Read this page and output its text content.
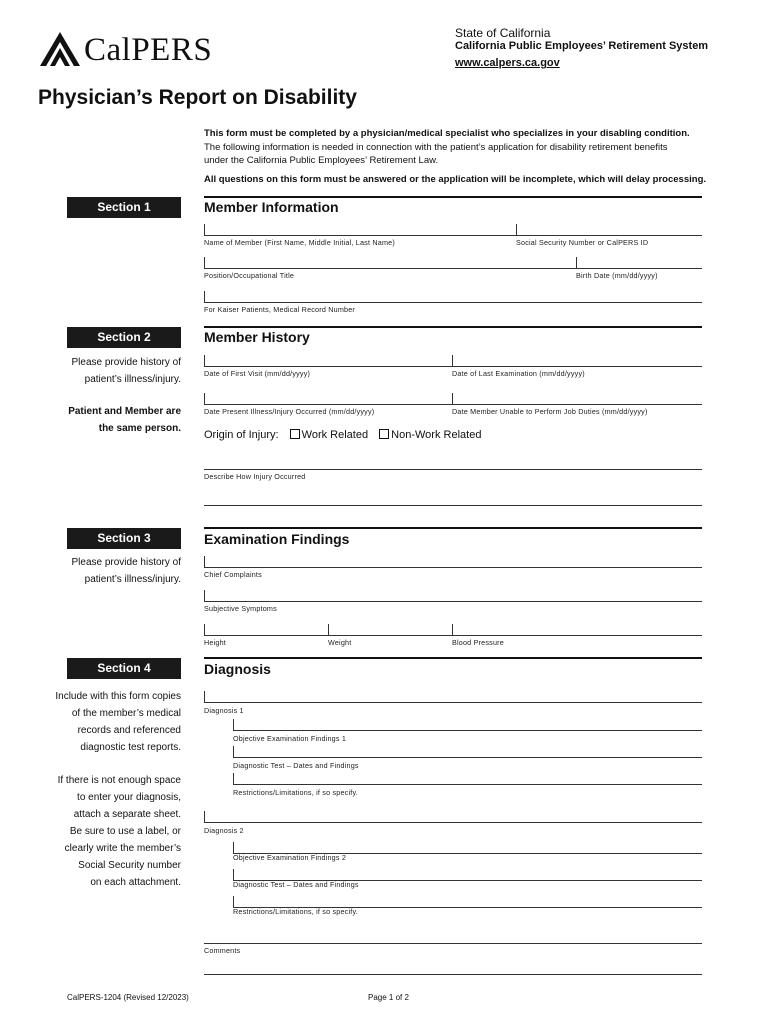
CalPERS	State of California
California Public Employees’ Retirement System
www.calpers.ca.gov
Physician’s Report on Disability

This form must be completed by a physician/medical specialist who specializes in your disabling condition.

The following information is needed in connection with the patient’s application for disability retirement benefits

under the California Public Employees’ Retirement Law.

All questions on this form must be answered or the application will be incomplete, which will delay processing.

Section 1	Member Information
Name of Member (First Name, Middle Initial, Last Name)	Social Security Number or CalPERS ID
Position/Occupational Title	Birth Date (mm/dd/yyyy)
For Kaiser Patients, Medical Record Number
Section 2	Member History
Please provide history of
patient’s illness/injury.
Patient and Member are
the same person.
Date of First Visit (mm/dd/yyyy)	Date of Last Examination (mm/dd/yyyy)
Date Present Illness/Injury Occurred (mm/dd/yyyy)	Date Member Unable to Perform Job Duties (mm/dd/yyyy)
Origin of Injury: Work Related Non-Work Related
Describe How Injury Occurred
Section 3	Examination Findings
Please provide history of
patient’s illness/injury.	Chief Complaints
Subjective Symptoms
Height	Weight	Blood Pressure
Section 4	Diagnosis
Include with this form copies
of the member’s medical
records and referenced
diagnostic test reports.
If there is not enough space
to enter your diagnosis,
attach a separate sheet.
Be sure to use a label, or
clearly write the member’s
Social Security number
on each attachment.
Diagnosis 1
Objective Examination Findings 1
Diagnostic Test – Dates and Findings
Restrictions/Limitations, if so specify.
Diagnosis 2
Objective Examination Findings 2
Diagnostic Test – Dates and Findings
Restrictions/Limitations, if so specify.
Comments
CalPERS-1204 (Revised 12/2023)	Page 1 of 2
